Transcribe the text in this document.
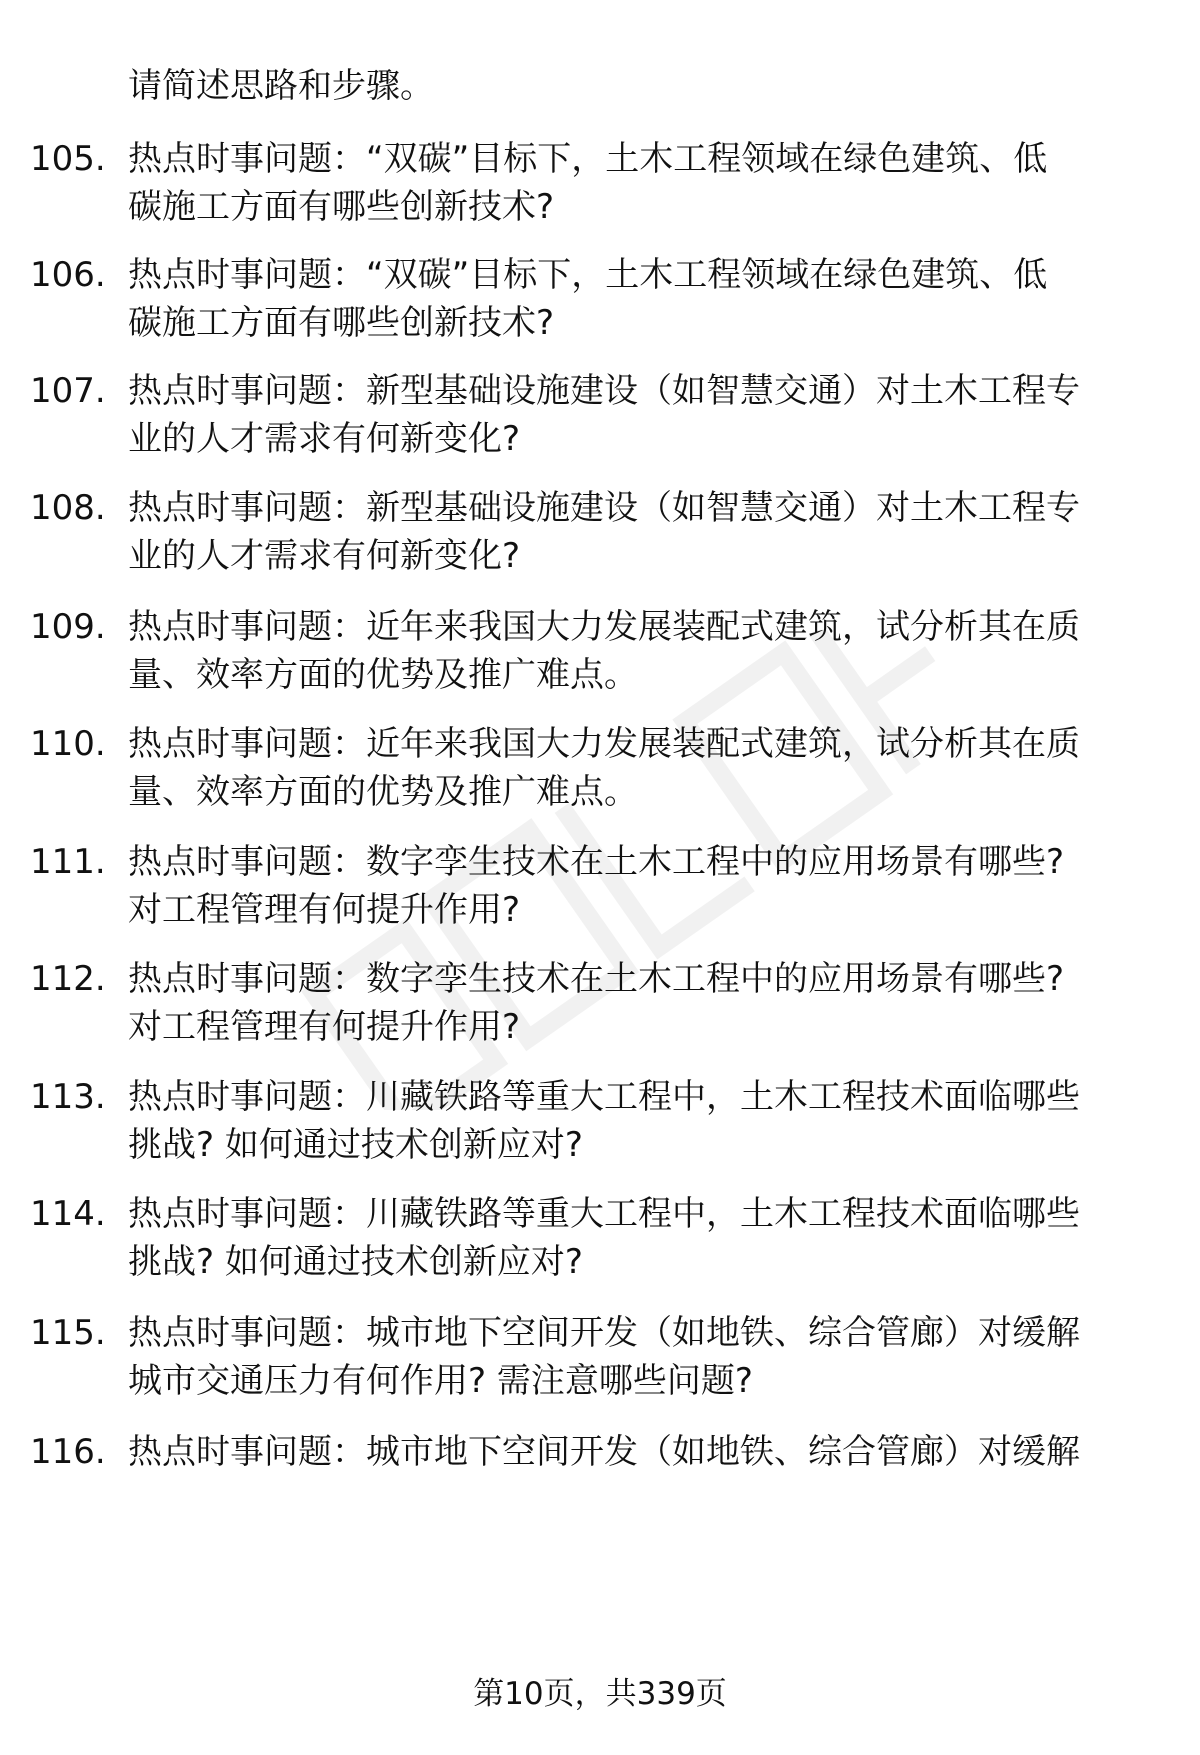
请简述思路和步骤。
105. 热点时事问题：“双碳”目标下，土木工程领域在绿色建筑、低
碳施工方面有哪些创新技术?
106. 热点时事问题：“双碳”目标下，土木工程领域在绿色建筑、低
碳施工方面有哪些创新技术?
107. 热点时事问题：新型基础设施建设（如智慧交通）对土木工程专
业的人才需求有何新变化?
108. 热点时事问题：新型基础设施建设（如智慧交通）对土木工程专
业的人才需求有何新变化?
109. 热点时事问题：近年来我国大力发展装配式建筑，试分析其在质
量、效率方面的优势及推广难点。
110. 热点时事问题：近年来我国大力发展装配式建筑，试分析其在质
量、效率方面的优势及推广难点。
111. 热点时事问题：数字孪生技术在土木工程中的应用场景有哪些?
对工程管理有何提升作用?
112. 热点时事问题：数字孪生技术在土木工程中的应用场景有哪些?
对工程管理有何提升作用?
113. 热点时事问题：川藏铁路等重大工程中，土木工程技术面临哪些
挑战? 如何通过技术创新应对?
114. 热点时事问题：川藏铁路等重大工程中，土木工程技术面临哪些
挑战? 如何通过技术创新应对?
115. 热点时事问题：城市地下空间开发（如地铁、综合管廊）对缓解
城市交通压力有何作用? 需注意哪些问题?
116. 热点时事问题：城市地下空间开发（如地铁、综合管廊）对缓解
第10页，共339页
